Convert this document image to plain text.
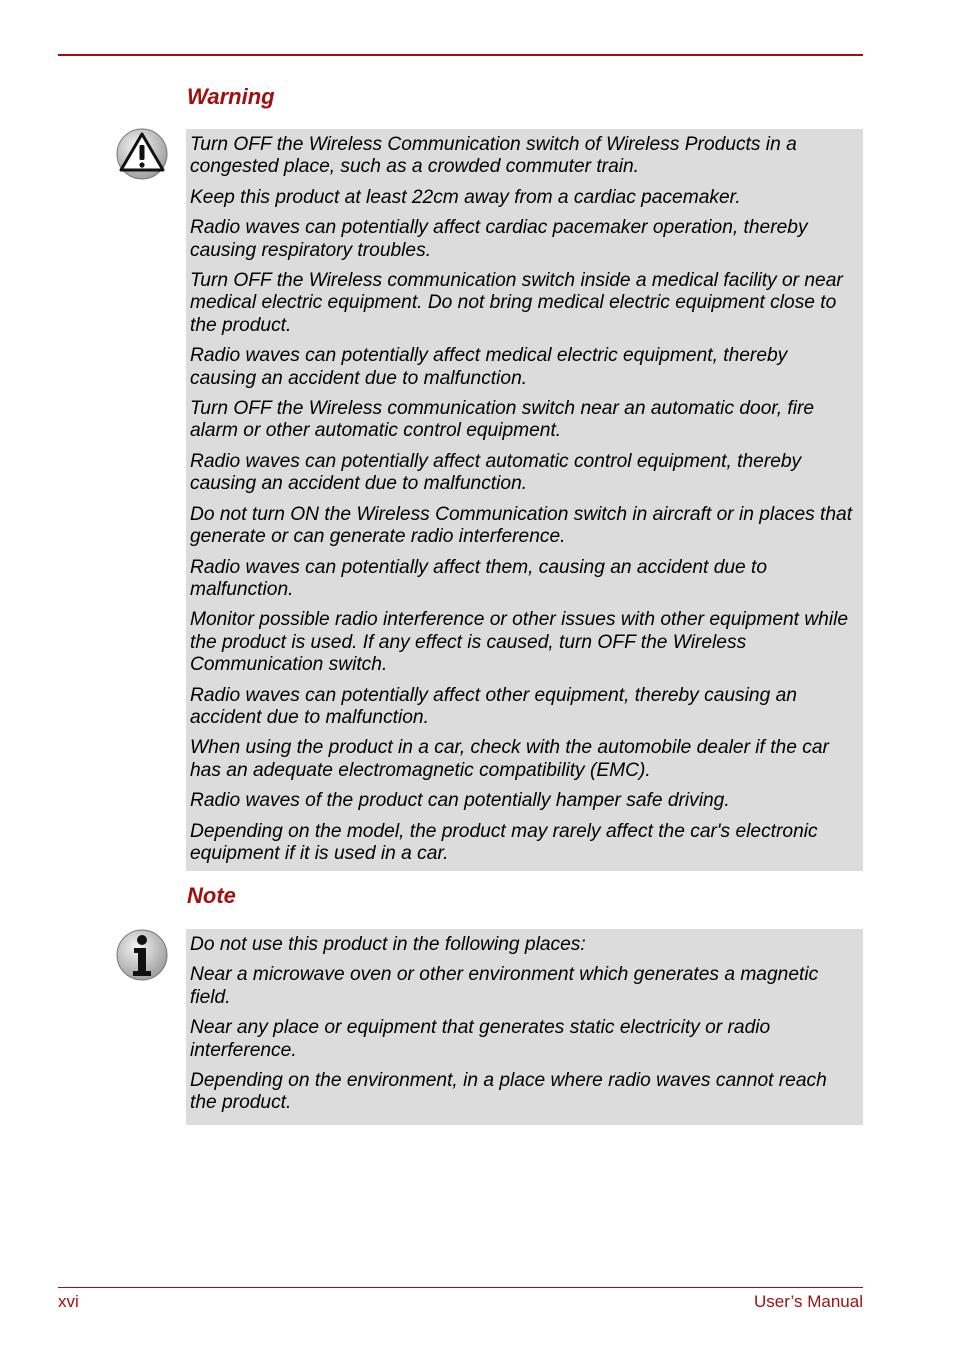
Warning

Turn OFF the Wireless Communication switch of Wireless Products in a congested place, such as a crowded commuter train.

Keep this product at least 22cm away from a cardiac pacemaker.

Radio waves can potentially affect cardiac pacemaker operation, thereby causing respiratory troubles.

Turn OFF the Wireless communication switch inside a medical facility or near medical electric equipment. Do not bring medical electric equipment close to the product.

Radio waves can potentially affect medical electric equipment, thereby causing an accident due to malfunction.

Turn OFF the Wireless communication switch near an automatic door, fire alarm or other automatic control equipment.

Radio waves can potentially affect automatic control equipment, thereby causing an accident due to malfunction.

Do not turn ON the Wireless Communication switch in aircraft or in places that generate or can generate radio interference.

Radio waves can potentially affect them, causing an accident due to malfunction.

Monitor possible radio interference or other issues with other equipment while the product is used. If any effect is caused, turn OFF the Wireless Communication switch.

Radio waves can potentially affect other equipment, thereby causing an accident due to malfunction.

When using the product in a car, check with the automobile dealer if the car has an adequate electromagnetic compatibility (EMC).

Radio waves of the product can potentially hamper safe driving.

Depending on the model, the product may rarely affect the car's electronic equipment if it is used in a car.

Note

Do not use this product in the following places:

Near a microwave oven or other environment which generates a magnetic field.

Near any place or equipment that generates static electricity or radio interference.

Depending on the environment, in a place where radio waves cannot reach the product.

xvi	User’s Manual
